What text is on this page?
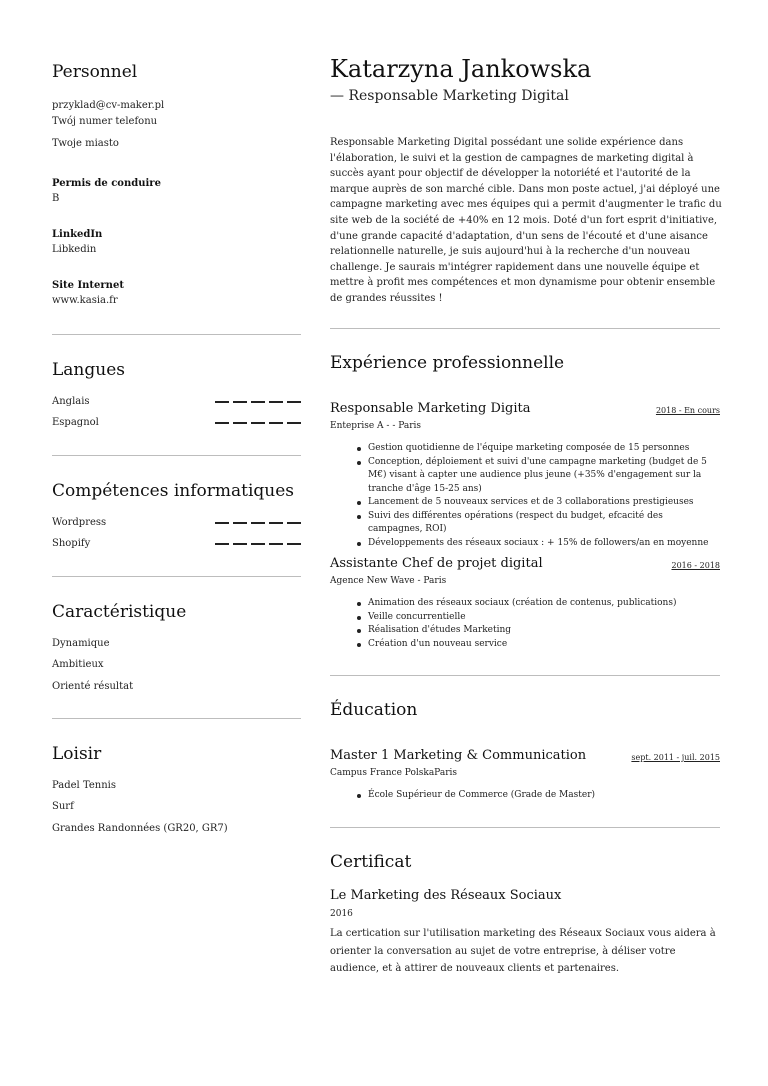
Personnel
przyklad@cv-maker.pl
Twój numer telefonu
Twoje miasto
Permis de conduire
B
LinkedIn
Libkedin
Site Internet
www.kasia.fr
Langues
Anglais
Espagnol
Compétences informatiques
Wordpress
Shopify
Caractéristique
Dynamique
Ambitieux
Orienté résultat
Loisir
Padel Tennis
Surf
Grandes Randonnées (GR20, GR7)
Katarzyna Jankowska
— Responsable Marketing Digital

Responsable Marketing Digital possédant une solide expérience dans l'élaboration, le suivi et la gestion de campagnes de marketing digital à succès ayant pour objectif de développer la notoriété et l'autorité de la marque auprès de son marché cible. Dans mon poste actuel, j'ai déployé une campagne marketing avec mes équipes qui a permit d'augmenter le trafic du site web de la société de +40% en 12 mois. Doté d'un fort esprit d'initiative, d'une grande capacité d'adaptation, d'un sens de l'écouté et d'une aisance relationnelle naturelle, je suis aujourd'hui à la recherche d'un nouveau challenge. Je saurais m'intégrer rapidement dans une nouvelle équipe et mettre à profit mes compétences et mon dynamisme pour obtenir ensemble de grandes réussites !

Expérience professionnelle
Responsable Marketing Digita	2018 - En cours
Enteprise A - - Paris
Gestion quotidienne de l'équipe marketing composée de 15 personnes
Conception, déploiement et suivi d'une campagne marketing (budget de 5 M€) visant à capter une audience plus jeune (+35% d'engagement sur la tranche d'âge 15-25 ans)
Lancement de 5 nouveaux services et de 3 collaborations prestigieuses
Suivi des différentes opérations (respect du budget, efcacité des campagnes, ROI)
Développements des réseaux sociaux : + 15% de followers/an en moyenne
Assistante Chef de projet digital	2016 - 2018
Agence New Wave - Paris
Animation des réseaux sociaux (création de contenus, publications)
Veille concurrentielle
Réalisation d'études Marketing
Création d'un nouveau service
Éducation
Master 1 Marketing & Communication	sept. 2011 - juil. 2015
Campus France PolskaParis
École Supérieur de Commerce (Grade de Master)
Certificat
Le Marketing des Réseaux Sociaux
2016

La certication sur l'utilisation marketing des Réseaux Sociaux vous aidera à orienter la conversation au sujet de votre entreprise, à déliser votre audience, et à attirer de nouveaux clients et partenaires.
